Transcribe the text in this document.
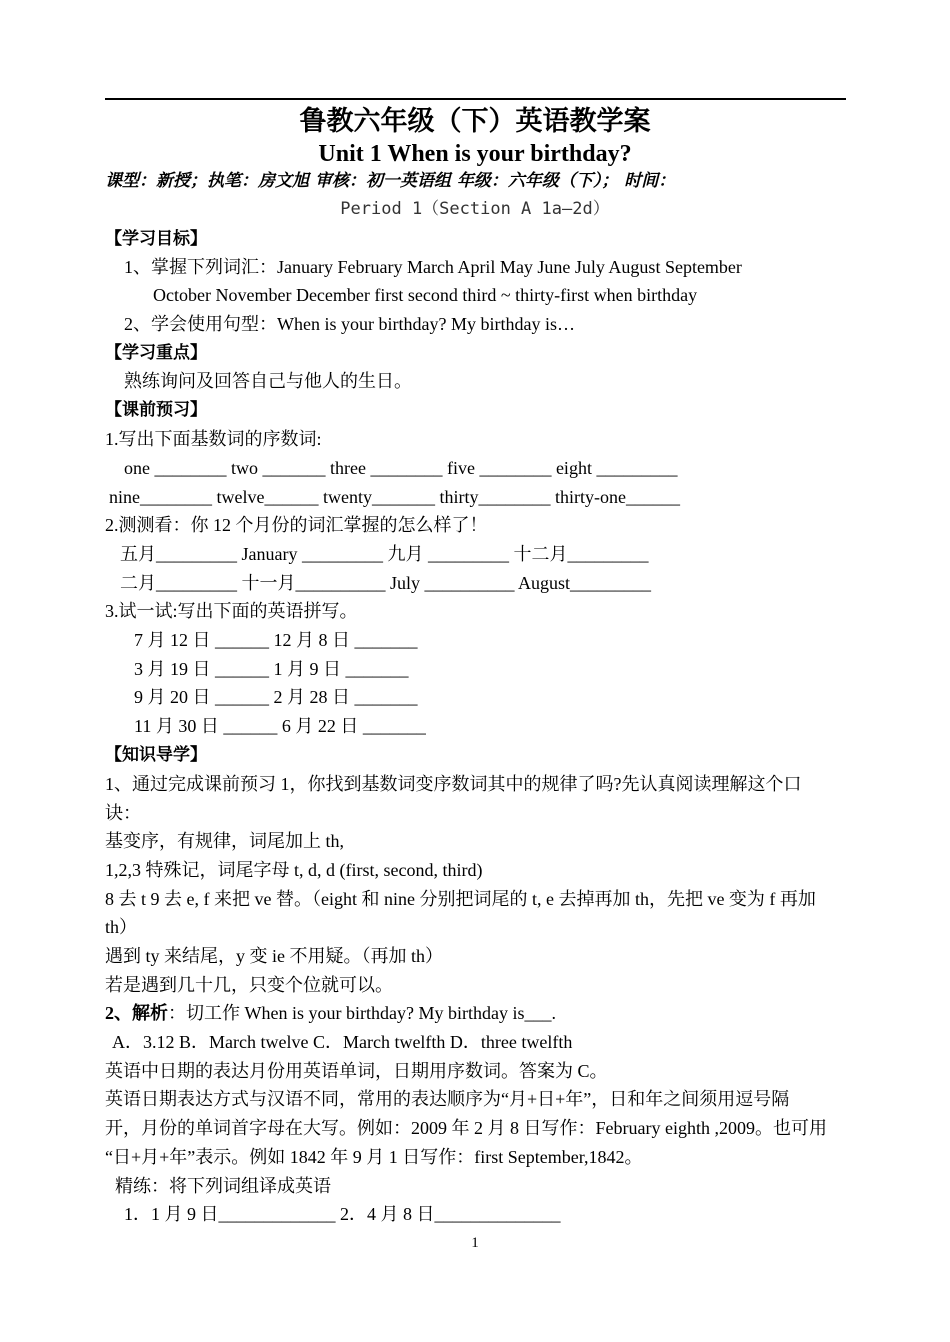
鲁教六年级（下）英语教学案
Unit 1 When is your birthday?
课型：新授；执笔：房文旭 审核：初一英语组 年级：六年级（下）； 时间：
Period 1（Section A 1a—2d）
【学习目标】
1、掌握下列词汇：January February March April May June July August September
October November December first second third ~ thirty-first when birthday
2、学会使用句型：When is your birthday? My birthday is…
【学习重点】
熟练询问及回答自己与他人的生日。
【课前预习】
1.写出下面基数词的序数词:
one ________ two _______ three ________ five ________ eight _________
nine________ twelve______ twenty_______ thirty________ thirty-one______
2.测测看：你 12 个月份的词汇掌握的怎么样了！
五月_________ January _________ 九月 _________ 十二月_________
二月_________ 十一月__________ July __________ August_________
3.试一试:写出下面的英语拼写。
7 月 12 日 ______ 12 月 8 日 _______
3 月 19 日 ______ 1 月 9 日 _______
9 月 20 日 ______ 2 月 28 日 _______
11 月 30 日 ______ 6 月 22 日 _______
【知识导学】
1、通过完成课前预习 1，你找到基数词变序数词其中的规律了吗?先认真阅读理解这个口
诀：
基变序，有规律，词尾加上 th,
1,2,3 特殊记，词尾字母 t, d, d (first, second, third)
8 去 t 9 去 e, f 来把 ve 替。（eight 和 nine 分别把词尾的 t, e 去掉再加 th，先把 ve 变为 f 再加
th）
遇到 ty 来结尾，y 变 ie 不用疑。（再加 th）
若是遇到几十几，只变个位就可以。
2、解析：切工作 When is your birthday? My birthday is___.
A．3.12 B．March twelve C．March twelfth D．three twelfth
英语中日期的表达月份用英语单词，日期用序数词。答案为 C。
英语日期表达方式与汉语不同，常用的表达顺序为“月+日+年”，日和年之间须用逗号隔
开，月份的单词首字母在大写。例如：2009 年 2 月 8 日写作：February eighth ,2009。也可用
“日+月+年”表示。例如 1842 年 9 月 1 日写作：first September,1842。
精练：将下列词组译成英语
1．1 月 9 日_____________ 2．4 月 8 日______________
1
